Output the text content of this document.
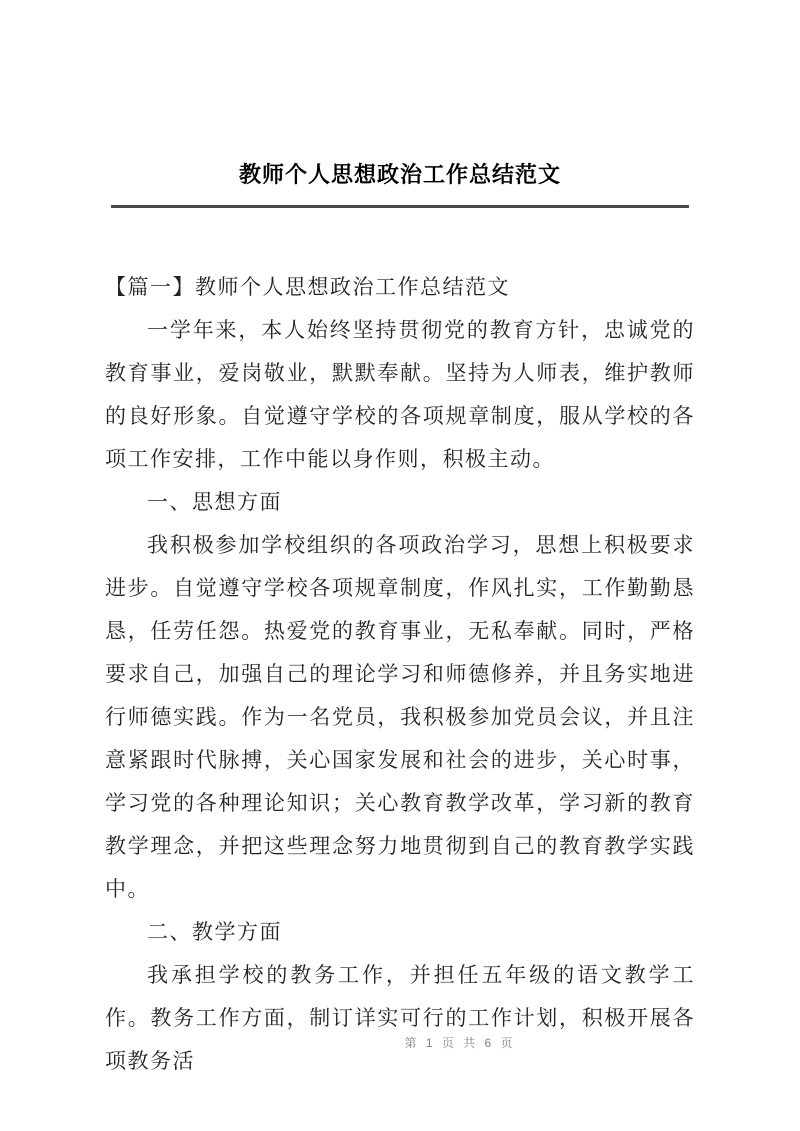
教师个人思想政治工作总结范文

【篇一】教师个人思想政治工作总结范文

一学年来，本人始终坚持贯彻党的教育方针，忠诚党的教育事业，爱岗敬业，默默奉献。坚持为人师表，维护教师的良好形象。自觉遵守学校的各项规章制度，服从学校的各项工作安排，工作中能以身作则，积极主动。

一、思想方面

我积极参加学校组织的各项政治学习，思想上积极要求进步。自觉遵守学校各项规章制度，作风扎实，工作勤勤恳恳，任劳任怨。热爱党的教育事业，无私奉献。同时，严格要求自己，加强自己的理论学习和师德修养，并且务实地进行师德实践。作为一名党员，我积极参加党员会议，并且注意紧跟时代脉搏，关心国家发展和社会的进步，关心时事，学习党的各种理论知识；关心教育教学改革，学习新的教育教学理念，并把这些理念努力地贯彻到自己的教育教学实践中。

二、教学方面

我承担学校的教务工作，并担任五年级的语文教学工作。教务工作方面，制订详实可行的工作计划，积极开展各项教务活

第 1 页 共 6 页
